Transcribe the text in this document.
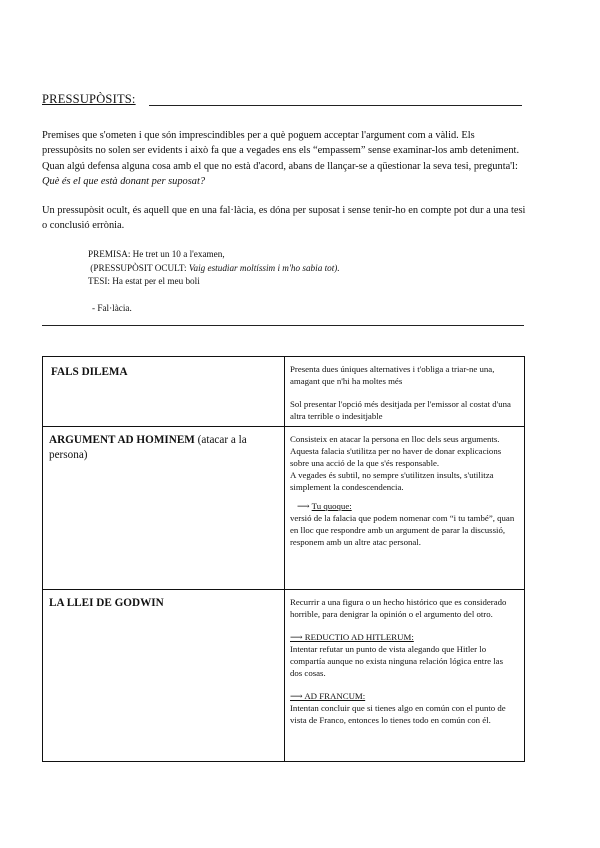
PRESSUPÒSITS:
Premises que s'ometen i que són imprescindibles per a què poguem acceptar l'argument com a vàlid. Els pressupòsits no solen ser evidents i això fa que a vegades ens els “empassem” sense examinar-los amb deteniment. Quan algú defensa alguna cosa amb el que no està d'acord, abans de llançar-se a qüestionar la seva tesi, pregunta'l: Què és el que està donant per suposat?
Un pressupòsit ocult, és aquell que en una fal·làcia, es dóna per suposat i sense tenir-ho en compte pot dur a una tesi o conclusió errònia.
PREMISA: He tret un 10 a l'examen,
(PRESSUPÒSIT OCULT: Vaig estudiar moltíssim i m'ho sabia tot).
TESI: Ha estat per el meu boli
- Fal·làcia.
FALS DILEMA	Presenta dues úniques alternatives i t'obliga a triar-ne una, amagant que n'hi ha moltes més

Sol presentar l'opció més desitjada per l'emissor al costat d'una altra terrible o indesitjable

ARGUMENT AD HOMINEM (atacar a la persona)	Consisteix en atacar la persona en lloc dels seus arguments.

Aquesta falacia s'utilitza per no haver de donar explicacions sobre una acció de la que s'és responsable.

A vegades és subtil, no sempre s'utilitzen insults, s'utilitza simplement la condescendencia.

⟶ Tu quoque:

versió de la falacia que podem nomenar com “i tu també”, quan en lloc que respondre amb un argument de parar la discussió, responem amb un altre atac personal.

LA LLEI DE GODWIN	Recurrir a una figura o un hecho histórico que es considerado horrible, para denigrar la opinión o el argumento del otro.

⟶ REDUCTIO AD HITLERUM:

Intentar refutar un punto de vista alegando que Hitler lo compartía aunque no exista ninguna relación lógica entre las dos cosas.

⟶ AD FRANCUM:

Intentan concluir que si tienes algo en común con el punto de vista de Franco, entonces lo tienes todo en común con él.
